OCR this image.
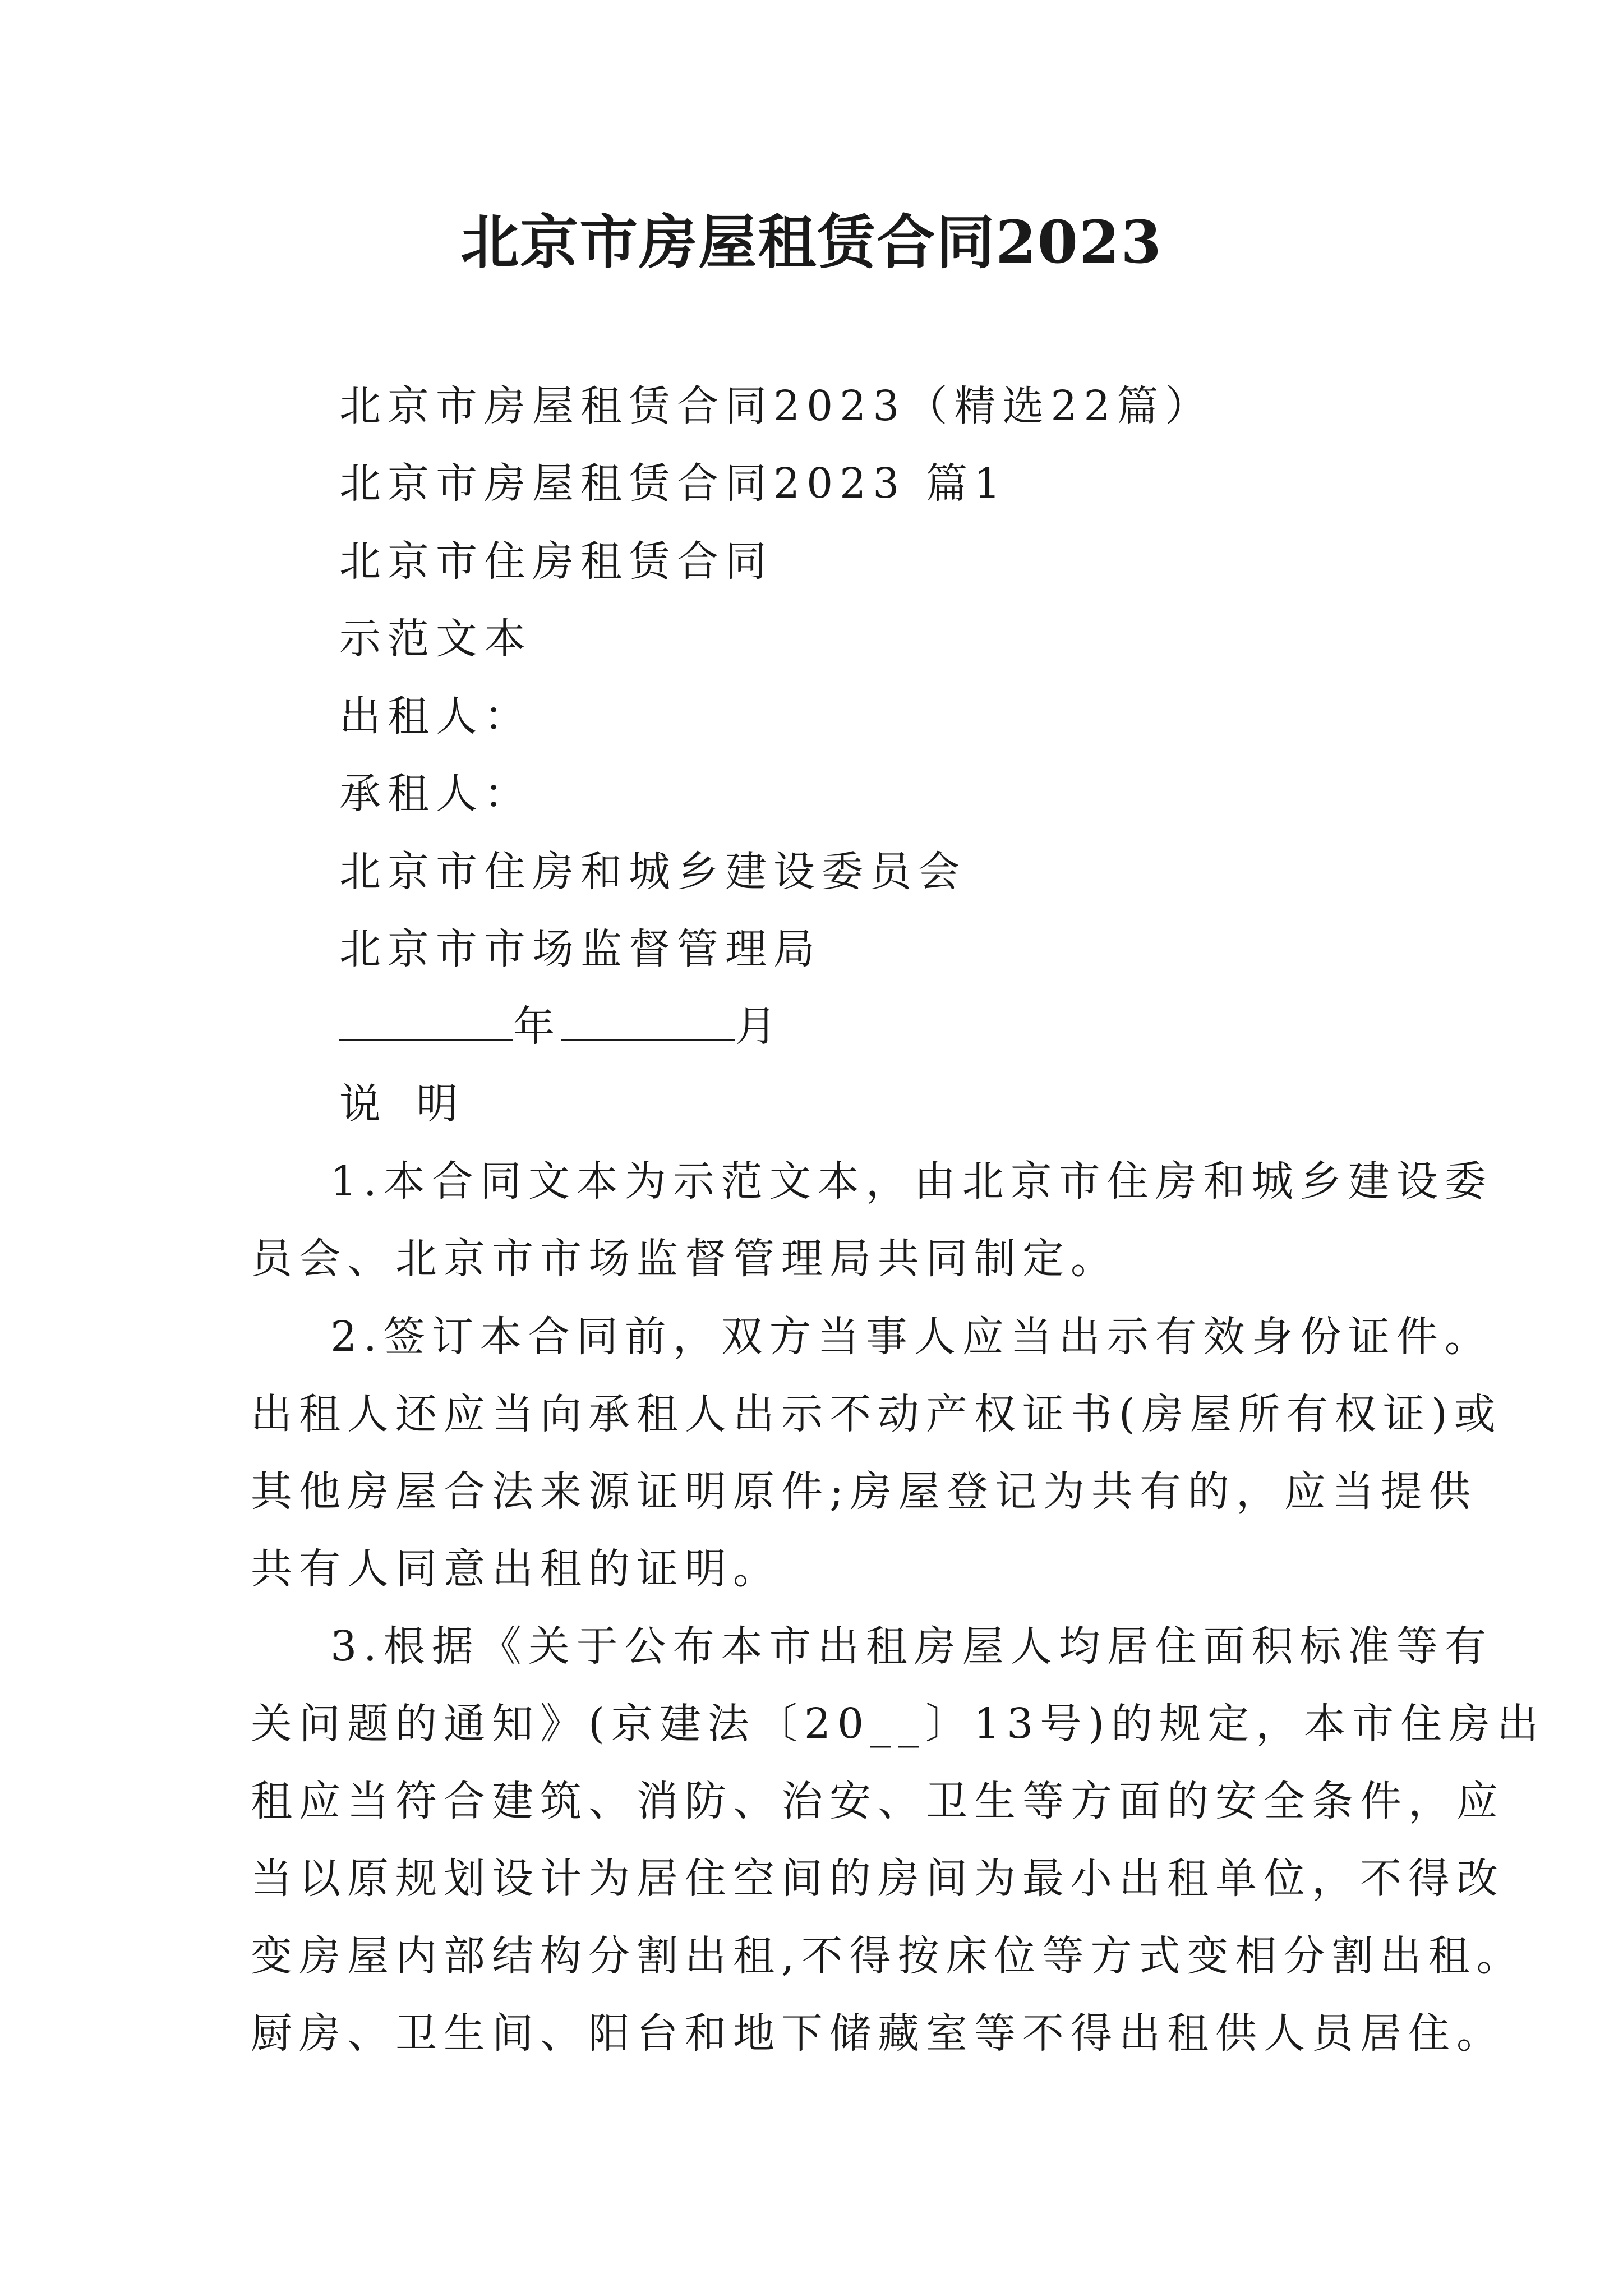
北京市房屋租赁合同2023
北京市房屋租赁合同2023（精选22篇）
北京市房屋租赁合同2023 篇1
北京市住房租赁合同
示范文本
出租人：
承租人：
北京市住房和城乡建设委员会
北京市市场监督管理局
年	月
说 明
1.本合同文本为示范文本，由北京市住房和城乡建设委
员会、北京市市场监督管理局共同制定。
2.签订本合同前，双方当事人应当出示有效身份证件。
出租人还应当向承租人出示不动产权证书(房屋所有权证)或
其他房屋合法来源证明原件;房屋登记为共有的，应当提供
共有人同意出租的证明。
3.根据《关于公布本市出租房屋人均居住面积标准等有
关问题的通知》(京建法〔20__〕13号)的规定，本市住房出
租应当符合建筑、消防、治安、卫生等方面的安全条件，应
当以原规划设计为居住空间的房间为最小出租单位，不得改
变房屋内部结构分割出租,不得按床位等方式变相分割出租。
厨房、卫生间、阳台和地下储藏室等不得出租供人员居住。
